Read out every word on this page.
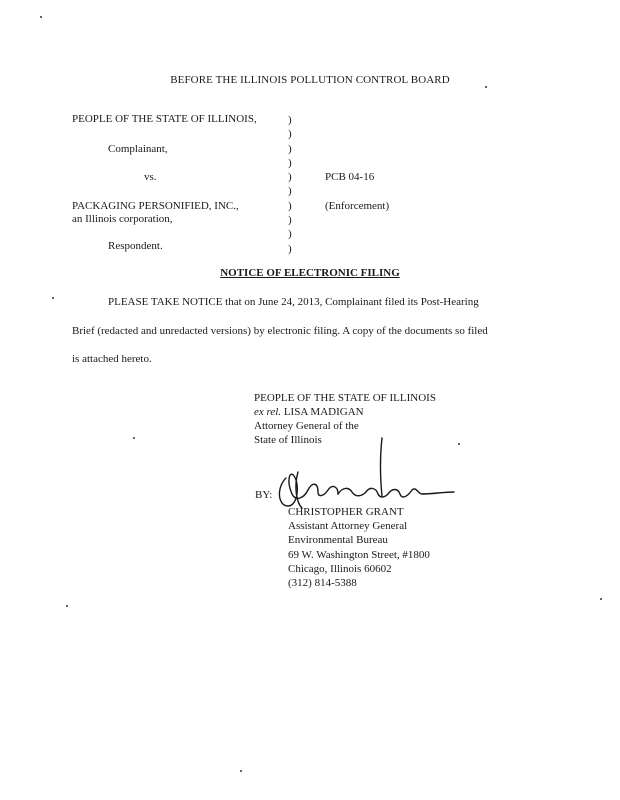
BEFORE THE ILLINOIS POLLUTION CONTROL BOARD
PEOPLE OF THE STATE OF ILLINOIS,
Complainant,
vs.
PACKAGING PERSONIFIED, INC.,
an Illinois corporation,
Respondent.
)
)
)
)
)
)
)
)
)
)
PCB 04-16
(Enforcement)
NOTICE OF ELECTRONIC FILING
PLEASE TAKE NOTICE that on June 24, 2013, Complainant filed its Post-Hearing
Brief (redacted and unredacted versions) by electronic filing. A copy of the documents so filed
is attached hereto.
PEOPLE OF THE STATE OF ILLINOIS
ex rel. LISA MADIGAN
Attorney General of the
State of Illinois
BY:
CHRISTOPHER GRANT
Assistant Attorney General
Environmental Bureau
69 W. Washington Street, #1800
Chicago, Illinois 60602
(312) 814-5388
